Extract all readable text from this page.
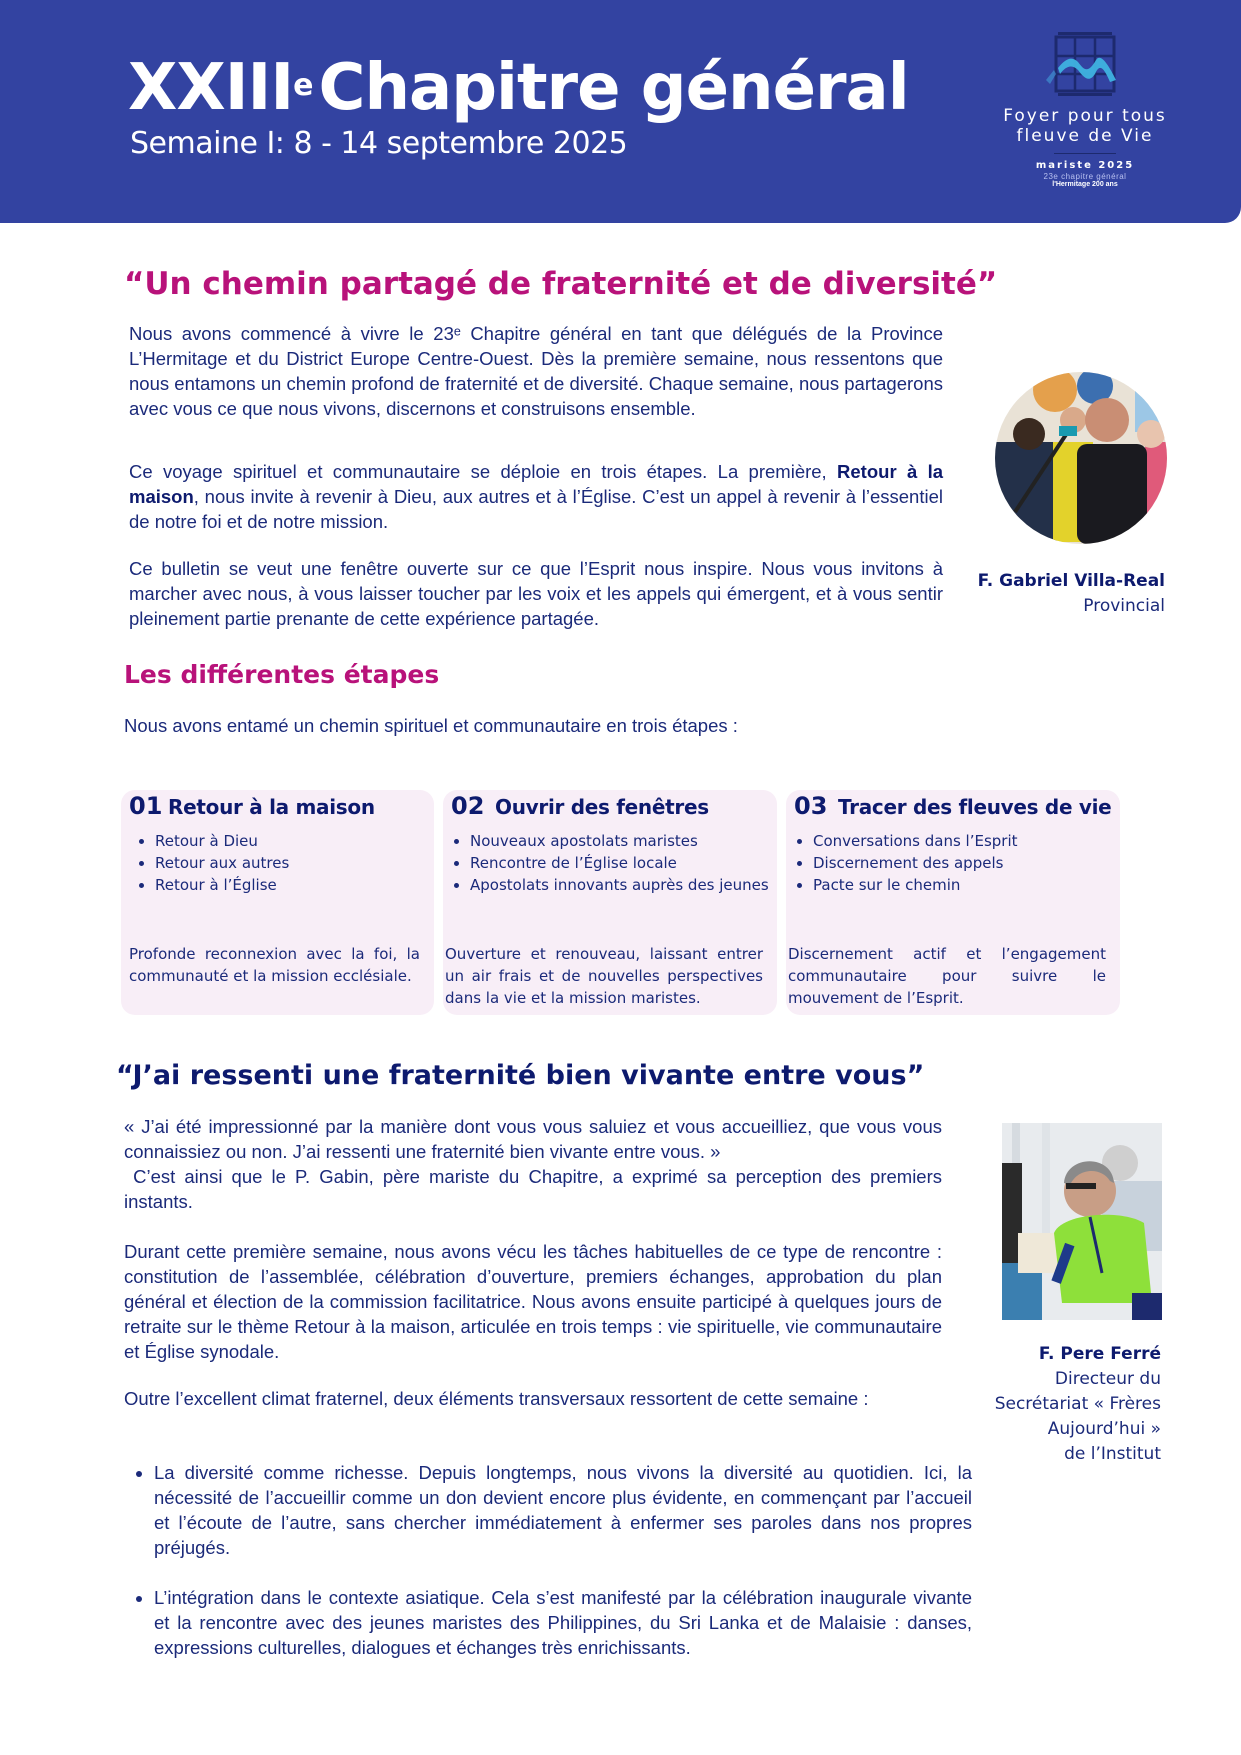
XXIIIeChapitre général
Semaine I: 8 - 14 septembre 2025
Foyer pour tous
fleuve de Vie
mariste 2025
23e chapitre général
l'Hermitage 200 ans
“Un chemin partagé de fraternité et de diversité”

Nous avons commencé à vivre le 23ᵉ Chapitre général en tant que délégués de la Province L’Hermitage et du District Europe Centre-Ouest. Dès la première semaine, nous ressentons que nous entamons un chemin profond de fraternité et de diversité. Chaque semaine, nous partagerons avec vous ce que nous vivons, discernons et construisons ensemble.

Ce voyage spirituel et communautaire se déploie en trois étapes. La première, Retour à la maison, nous invite à revenir à Dieu, aux autres et à l’Église. C’est un appel à revenir à l’essentiel de notre foi et de notre mission.

Ce bulletin se veut une fenêtre ouverte sur ce que l’Esprit nous inspire. Nous vous invitons à marcher avec nous, à vous laisser toucher par les voix et les appels qui émergent, et à vous sentir pleinement partie prenante de cette expérience partagée.

F. Gabriel Villa-Real
Provincial
Les différentes étapes

Nous avons entamé un chemin spirituel et communautaire en trois étapes :

01 Retour à la maison
• Retour à Dieu
• Retour aux autres
• Retour à l’Église

Profonde reconnexion avec la foi, la communauté et la mission ecclésiale.

02 Ouvrir des fenêtres
• Nouveaux apostolats maristes
• Rencontre de l’Église locale
• Apostolats innovants auprès des jeunes

Ouverture et renouveau, laissant entrer un air frais et de nouvelles perspectives dans la vie et la mission maristes.

03 Tracer des fleuves de vie
• Conversations dans l’Esprit
• Discernement des appels
• Pacte sur le chemin

Discernement actif et l’engagement communautaire pour suivre le mouvement de l’Esprit.

“J’ai ressenti une fraternité bien vivante entre vous”

« J’ai été impressionné par la manière dont vous vous saluiez et vous accueilliez, que vous vous connaissiez ou non. J’ai ressenti une fraternité bien vivante entre vous. »
C’est ainsi que le P. Gabin, père mariste du Chapitre, a exprimé sa perception des premiers instants.

Durant cette première semaine, nous avons vécu les tâches habituelles de ce type de rencontre : constitution de l’assemblée, célébration d’ouverture, premiers échanges, approbation du plan général et élection de la commission facilitatrice. Nous avons ensuite participé à quelques jours de retraite sur le thème Retour à la maison, articulée en trois temps : vie spirituelle, vie communautaire et Église synodale.

Outre l’excellent climat fraternel, deux éléments transversaux ressortent de cette semaine :

• La diversité comme richesse. Depuis longtemps, nous vivons la diversité au quotidien. Ici, la nécessité de l’accueillir comme un don devient encore plus évidente, en commençant par l’accueil et l’écoute de l’autre, sans chercher immédiatement à enfermer ses paroles dans nos propres préjugés.
• L’intégration dans le contexte asiatique. Cela s’est manifesté par la célébration inaugurale vivante et la rencontre avec des jeunes maristes des Philippines, du Sri Lanka et de Malaisie : danses, expressions culturelles, dialogues et échanges très enrichissants.
F. Pere Ferré
Directeur du
Secrétariat « Frères
Aujourd’hui »
de l’Institut
